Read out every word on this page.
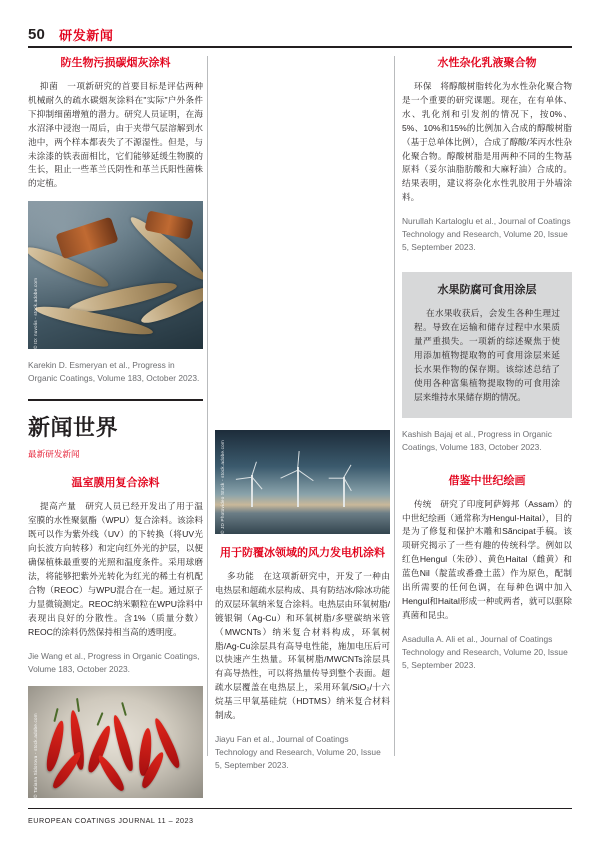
50 研发新闻
防生物污损碳烟灰涂料

抑菌　一项新研究的首要目标是评估两种机械耐久的疏水碳烟灰涂料在"实际"户外条件下抑制细菌增殖的潜力。研究人员证明，在海水沼泽中浸泡一周后，由于夹带气层溶解到水池中，两个样本都表失了不源湿性。但是，与未涂漆的铁表面相比，它们能够延缓生物膜的生长，阻止一些革兰氏阴性和革兰氏阳性菌株的定植。

© ID: nuvolis - stock.adobe.com
Karekin D. Esmeryan et al., Progress in Organic Coatings, Volume 183, October 2023.
新闻世界
最新研发新闻
温室膜用复合涂料

提高产量　研究人员已经开发出了用于温室膜的水性聚氨酯（WPU）复合涂料。该涂料既可以作为紫外线（UV）的下转换（将UV光向长波方向转移）和定向红外光的护层，以便确保植株最重要的光照和温度条件。采用球磨法，将能够把紫外光转化为红光的稀土有机配合物（REOC）与WPU混合在一起。通过原子力显微镜测定。REOC纳米颗粒在WPU涂料中表现出良好的分散性。含1%（质量分数）REOC的涂料仍然保持相当高的透明度。

Jie Wang et al., Progress in Organic Coatings, Volume 183, October 2023.
© Tatiana Sidorova - stock.adobe.com
© JD Photovideo Stock - stock.adobe.com
用于防覆冰领域的风力发电机涂料

多功能　在这项新研究中，开发了一种由电热层和超疏水层构成、具有防结冰/除冰功能的双层环氧纳米复合涂料。电热层由环氧树脂/镀银铜（Ag-Cu）和环氧树脂/多壁碳纳米管（MWCNTs）纳米复合材料构成，环氧树脂/Ag-Cu涂层具有高导电性能，施加电压后可以快速产生热量。环氧树脂/MWCNTs涂层具有高导热性，可以将热量传导到整个表面。超疏水层覆盖在电热层上，采用环氧/SiO₂/十六烷基三甲氧基硅烷（HDTMS）纳米复合材料制成。

Jiayu Fan et al., Journal of Coatings Technology and Research, Volume 20, Issue 5, September 2023.
水性杂化乳液聚合物

环保　将醇酸树脂转化为水性杂化聚合物是一个重要的研究课题。现在，在有单体、水、乳化剂和引发剂的情况下，按0%、5%、10%和15%的比例加入合成的醇酸树脂（基于总单体比例），合成了醇酸/苯丙水性杂化聚合物。醇酸树脂是用两种不同的生物基原料（妥尔油脂肪酸和大麻籽油）合成的。结果表明，建议将杂化水性乳胶用于外墙涂料。

Nurullah Kartaloglu et al., Journal of Coatings Technology and Research, Volume 20, Issue 5, September 2023.
水果防腐可食用涂层

在水果收获后，会发生各种生理过程。导致在运输和储存过程中水果质量严重损失。一项新的综述聚焦于使用添加植物提取物的可食用涂层来延长水果作物的保存期。该综述总结了使用各种富集植物提取物的可食用涂层来维持水果储存期的情况。

Kashish Bajaj et al., Progress in Organic Coatings, Volume 183, October 2023.
借鉴中世纪绘画

传统　研究了印度阿萨姆邦（Assam）的中世纪绘画（通常称为Hengul-Haital），目的是为了修复和保护木雕和Sãncipat手稿。该项研究揭示了一些有趣的传统科学。例如以红色Hengul（朱砂）、黄色Haital（雌黄）和蓝色Nil（靛蓝或番叠土蓝）作为原色，配制出所需要的任何色调，在每种色调中加入Hengul和Haital形成一种或两者，就可以驱除真菌和昆虫。

Asadulla A. Ali et al., Journal of Coatings Technology and Research, Volume 20, Issue 5, September 2023.
EUROPEAN COATINGS JOURNAL 11 – 2023
